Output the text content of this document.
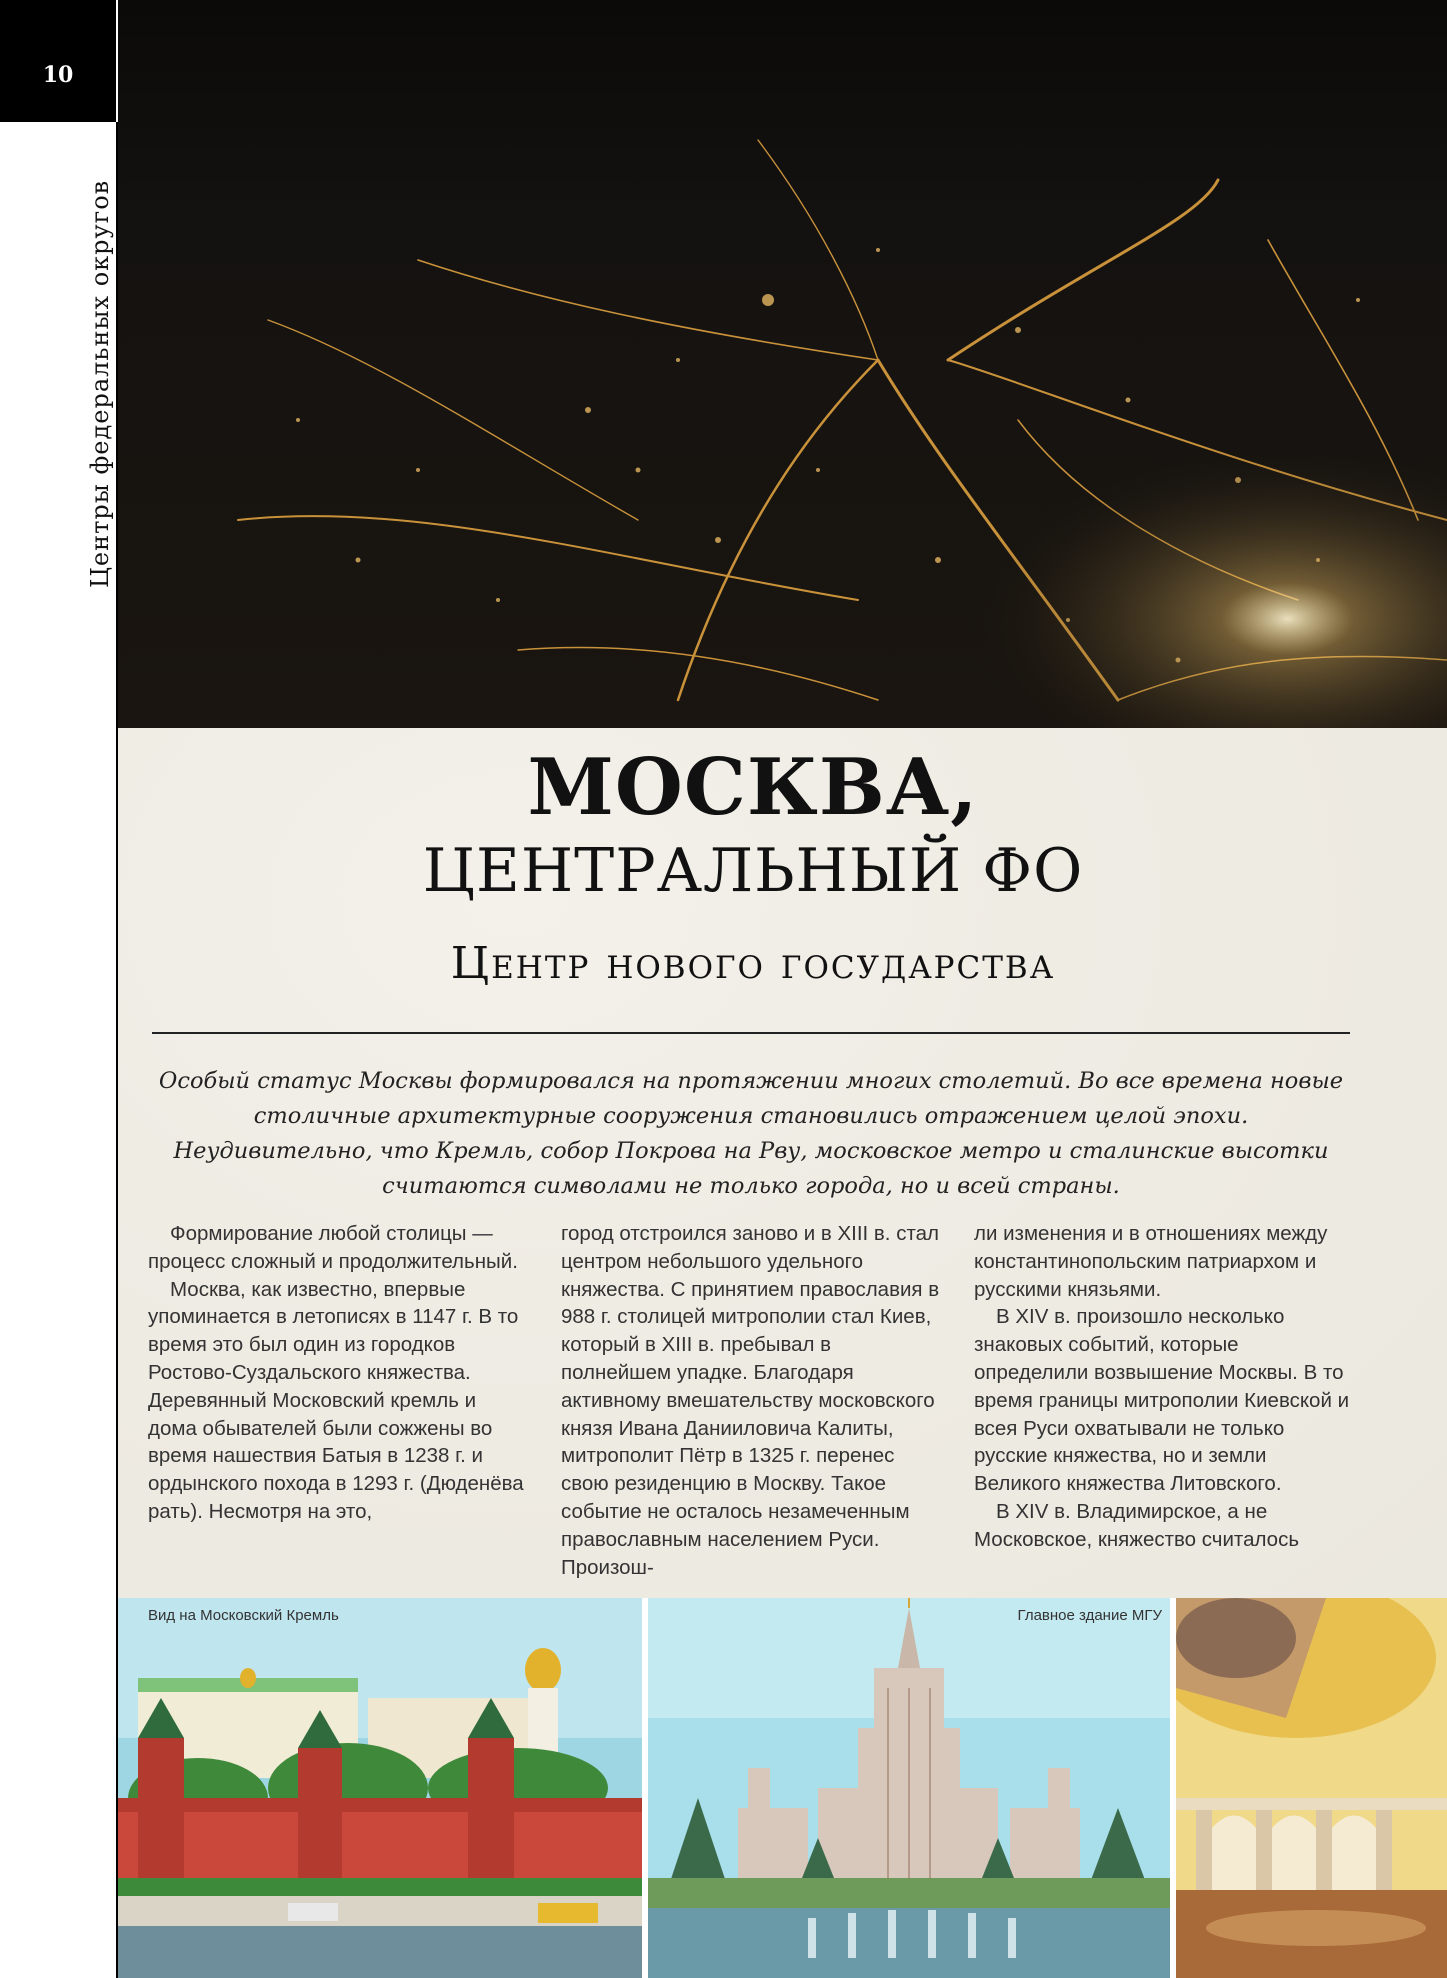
10
Центры федеральных округов
МОСКВА,
ЦЕНТРАЛЬНЫЙ ФО
Центр нового государства
Особый статус Москвы формировался на протяжении многих столетий. Во все времена новые столичные архитектурные сооружения становились отражением целой эпохи. Неудивительно, что Кремль, собор Покрова на Рву, московское метро и сталинские высотки считаются символами не только города, но и всей страны.

Формирование любой столицы — процесс сложный и продолжительный.

Москва, как известно, впервые упоминается в летописях в 1147 г. В то время это был один из городков Ростово-Суздальского княжества. Деревянный Московский кремль и дома обывателей были сожжены во время нашествия Батыя в 1238 г. и ордынского похода в 1293 г. (Дюденёва рать). Несмотря на это,

город отстроился заново и в XIII в. стал центром небольшого удельного княжества. С принятием православия в 988 г. столицей митрополии стал Киев, который в XIII в. пребывал в полнейшем упадке. Благодаря активному вмешательству московского князя Ивана Данииловича Калиты, митрополит Пётр в 1325 г. перенес свою резиденцию в Москву. Такое событие не осталось незамеченным православным населением Руси. Произош-

ли изменения и в отношениях между константинопольским патриархом и русскими князьями.

В XIV в. произошло несколько знаковых событий, которые определили возвышение Москвы. В то время границы митрополии Киевской и всея Руси охватывали не только русские княжества, но и земли Великого княжества Литовского.

В XIV в. Владимирское, а не Московское, княжество считалось

Вид на Московский Кремль	Главное здание МГУ
